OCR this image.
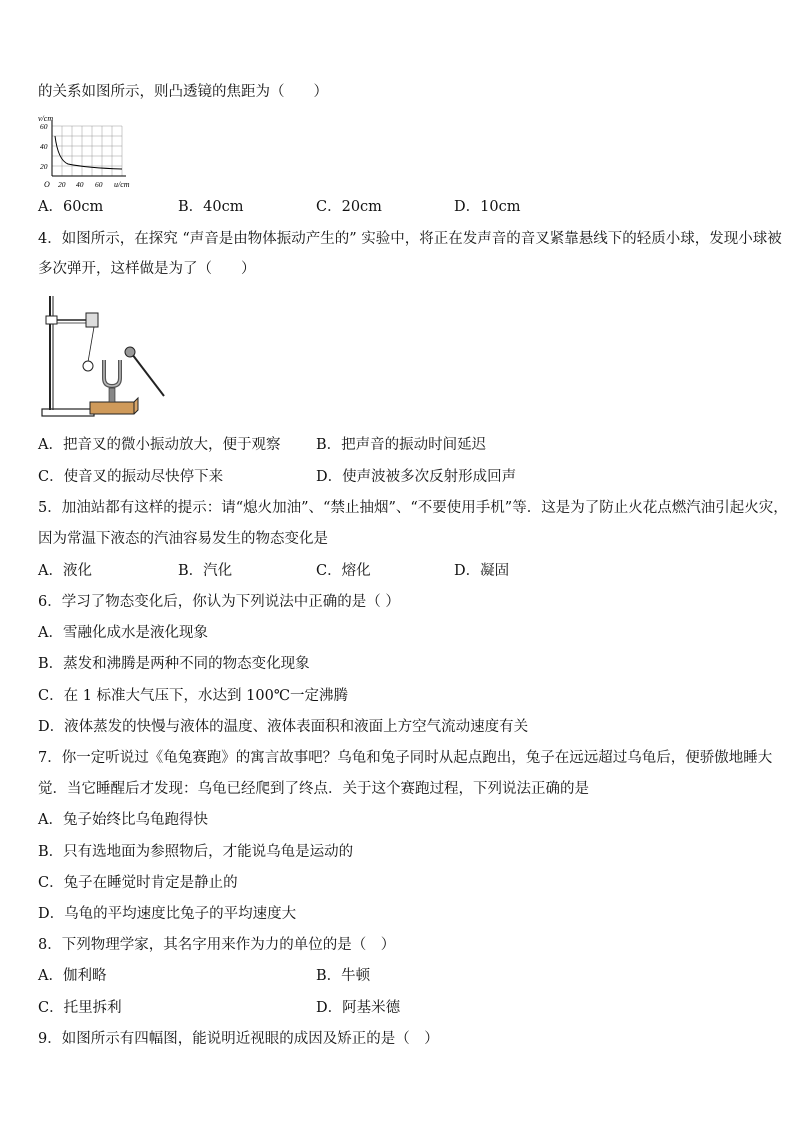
的关系如图所示，则凸透镜的焦距为（　　）
v/cm
60
40
20
O 20 40 60 u/cm
A．60cm	B．40cm	C．20cm	D．10cm
4．如图所示，在探究 “声音是由物体振动产生的” 实验中，将正在发声音的音叉紧靠悬线下的轻质小球，发现小球被
多次弹开，这样做是为了（　　）
A．把音叉的微小振动放大，便于观察 B．把声音的振动时间延迟
C．使音叉的振动尽快停下来	D．使声波被多次反射形成回声
5．加油站都有这样的提示：请“熄火加油”、“禁止抽烟”、“不要使用手机”等．这是为了防止火花点燃汽油引起火灾，
因为常温下液态的汽油容易发生的物态变化是
A．液化	B．汽化	C．熔化	D．凝固
6．学习了物态变化后，你认为下列说法中正确的是（ ）
A．雪融化成水是液化现象
B．蒸发和沸腾是两种不同的物态变化现象
C．在 1 标准大气压下，水达到 100℃一定沸腾
D．液体蒸发的快慢与液体的温度、液体表面积和液面上方空气流动速度有关
7．你一定听说过《龟兔赛跑》的寓言故事吧？乌龟和兔子同时从起点跑出，兔子在远远超过乌龟后，便骄傲地睡大
觉．当它睡醒后才发现：乌龟已经爬到了终点．关于这个赛跑过程，下列说法正确的是
A．兔子始终比乌龟跑得快
B．只有选地面为参照物后，才能说乌龟是运动的
C．兔子在睡觉时肯定是静止的
D．乌龟的平均速度比兔子的平均速度大
8．下列物理学家，其名字用来作为力的单位的是（　）
A．伽利略	B．牛顿
C．托里拆利	D．阿基米德
9．如图所示有四幅图，能说明近视眼的成因及矫正的是（　）
